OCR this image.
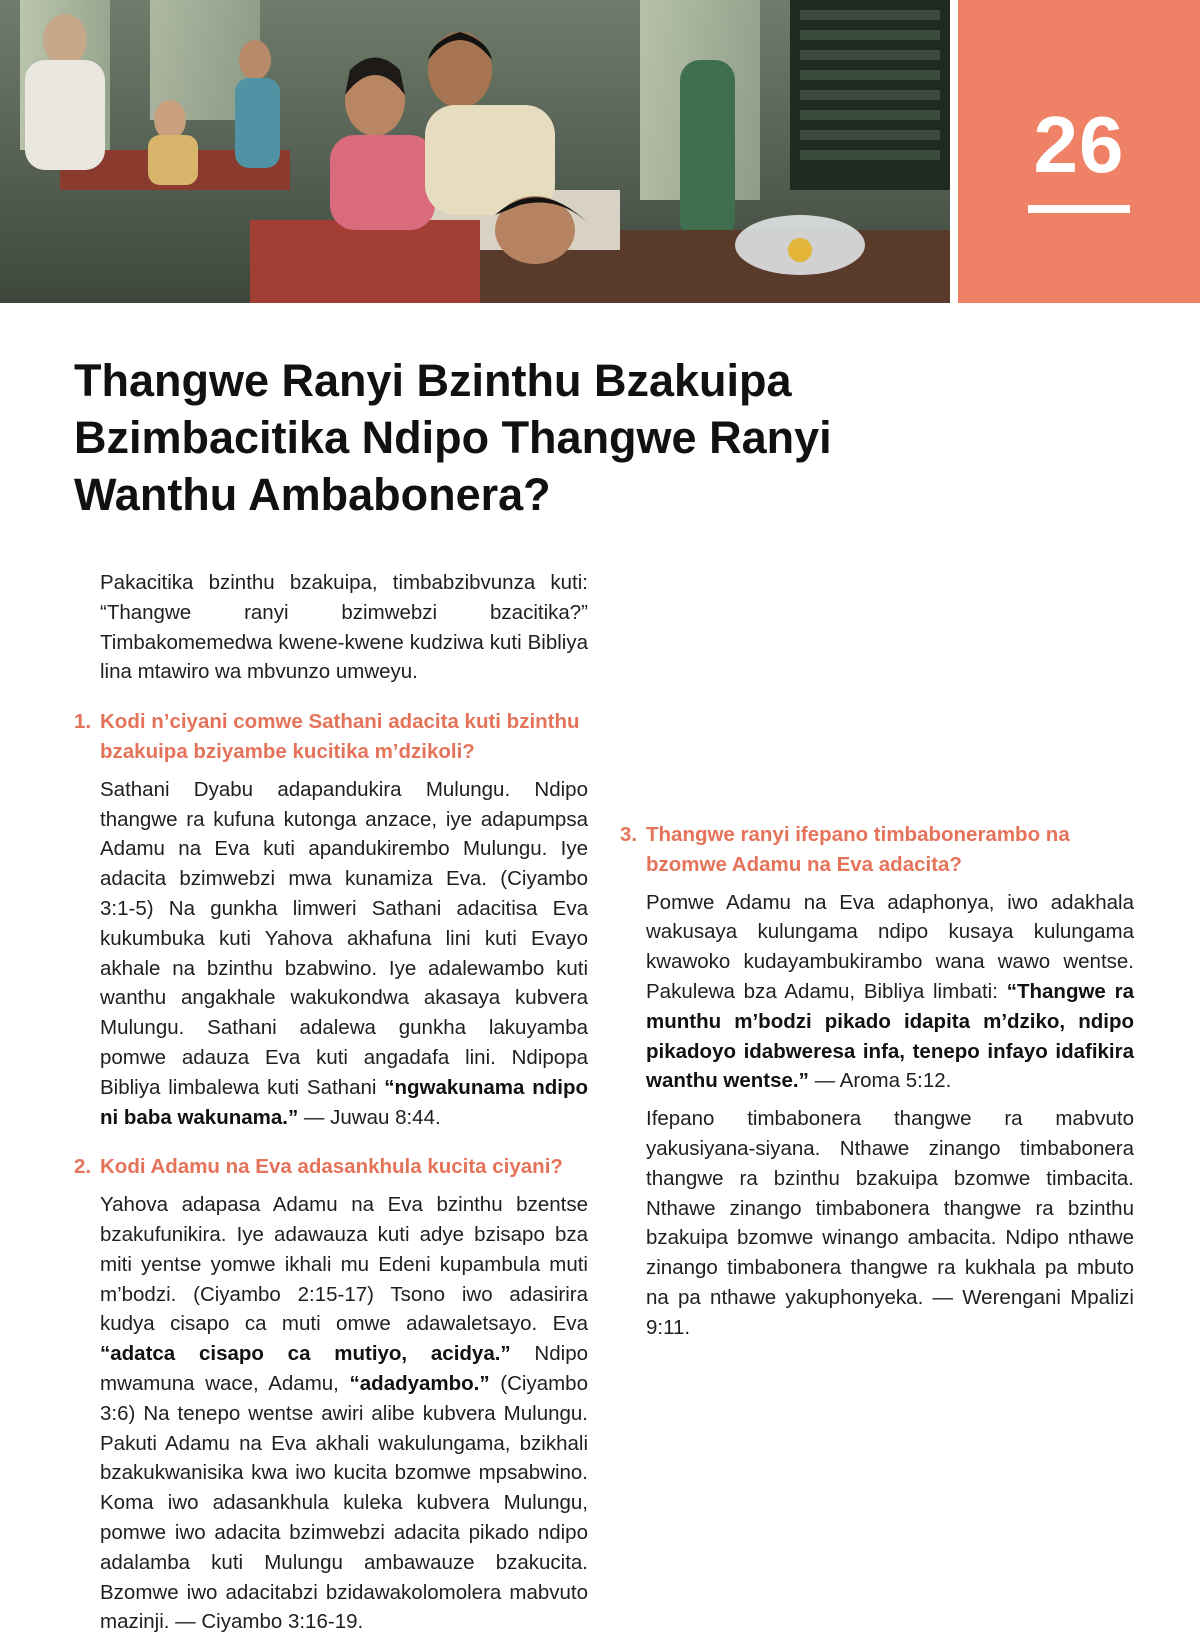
26
Thangwe Ranyi Bzinthu Bzakuipa Bzimbacitika Ndipo Thangwe Ranyi Wanthu Ambabonera?

Pakacitika bzinthu bzakuipa, timbabzibvunza kuti: “Thangwe ranyi bzimwebzi bzacitika?” Timbakomemedwa kwene-kwene kudziwa kuti Bibliya lina mtawiro wa mbvunzo umweyu.

1. Kodi n’ciyani comwe Sathani adacita kuti bzinthu bzakuipa bziyambe kucitika m’dzikoli?

Sathani Dyabu adapandukira Mulungu. Ndipo thangwe ra kufuna kutonga anzace, iye adapumpsa Adamu na Eva kuti apandukirembo Mulungu. Iye adacita bzimwebzi mwa kunamiza Eva. (Ciyambo 3:1-5) Na gunkha limweri Sathani adacitisa Eva kukumbuka kuti Yahova akhafuna lini kuti Evayo akhale na bzinthu bzabwino. Iye adalewambo kuti wanthu angakhale wakukondwa akasaya kubvera Mulungu. Sathani adalewa gunkha lakuyamba pomwe adauza Eva kuti angadafa lini. Ndipopa Bibliya limbalewa kuti Sathani “ngwakunama ndipo ni baba wakunama.” — Juwau 8:44.

2. Kodi Adamu na Eva adasankhula kucita ciyani?

Yahova adapasa Adamu na Eva bzinthu bzentse bzakufunikira. Iye adawauza kuti adye bzisapo bza miti yentse yomwe ikhali mu Edeni kupambula muti m’bodzi. (Ciyambo 2:15-17) Tsono iwo adasirira kudya cisapo ca muti omwe adawaletsayo. Eva “adatca cisapo ca mutiyo, acidya.” Ndipo mwamuna wace, Adamu, “adadyambo.” (Ciyambo 3:6) Na tenepo wentse awiri alibe kubvera Mulungu. Pakuti Adamu na Eva akhali wakulungama, bzikhali bzakukwanisika kwa iwo kucita bzomwe mpsabwino. Koma iwo adasankhula kuleka kubvera Mulungu, pomwe iwo adacita bzimwebzi adacita pikado ndipo adalamba kuti Mulungu ambawauze bzakucita. Bzomwe iwo adacitabzi bzidawakolomolera mabvuto mazinji. — Ciyambo 3:16-19.

3. Thangwe ranyi ifepano timbabonerambo na bzomwe Adamu na Eva adacita?

Pomwe Adamu na Eva adaphonya, iwo adakhala wakusaya kulungama ndipo kusaya kulungama kwawoko kudayambukirambo wana wawo wentse. Pakulewa bza Adamu, Bibliya limbati: “Thangwe ra munthu m’bodzi pikado idapita m’dziko, ndipo pikadoyo idabweresa infa, tenepo infayo idafikira wanthu wentse.” — Aroma 5:12.

Ifepano timbabonera thangwe ra mabvuto yakusiyana-siyana. Nthawe zinango timbabonera thangwe ra bzinthu bzakuipa bzomwe timbacita. Nthawe zinango timbabonera thangwe ra bzinthu bzakuipa bzomwe winango ambacita. Ndipo nthawe zinango timbabonera thangwe ra kukhala pa mbuto na pa nthawe yakuphonyeka. — Werengani Mpalizi 9:11.
